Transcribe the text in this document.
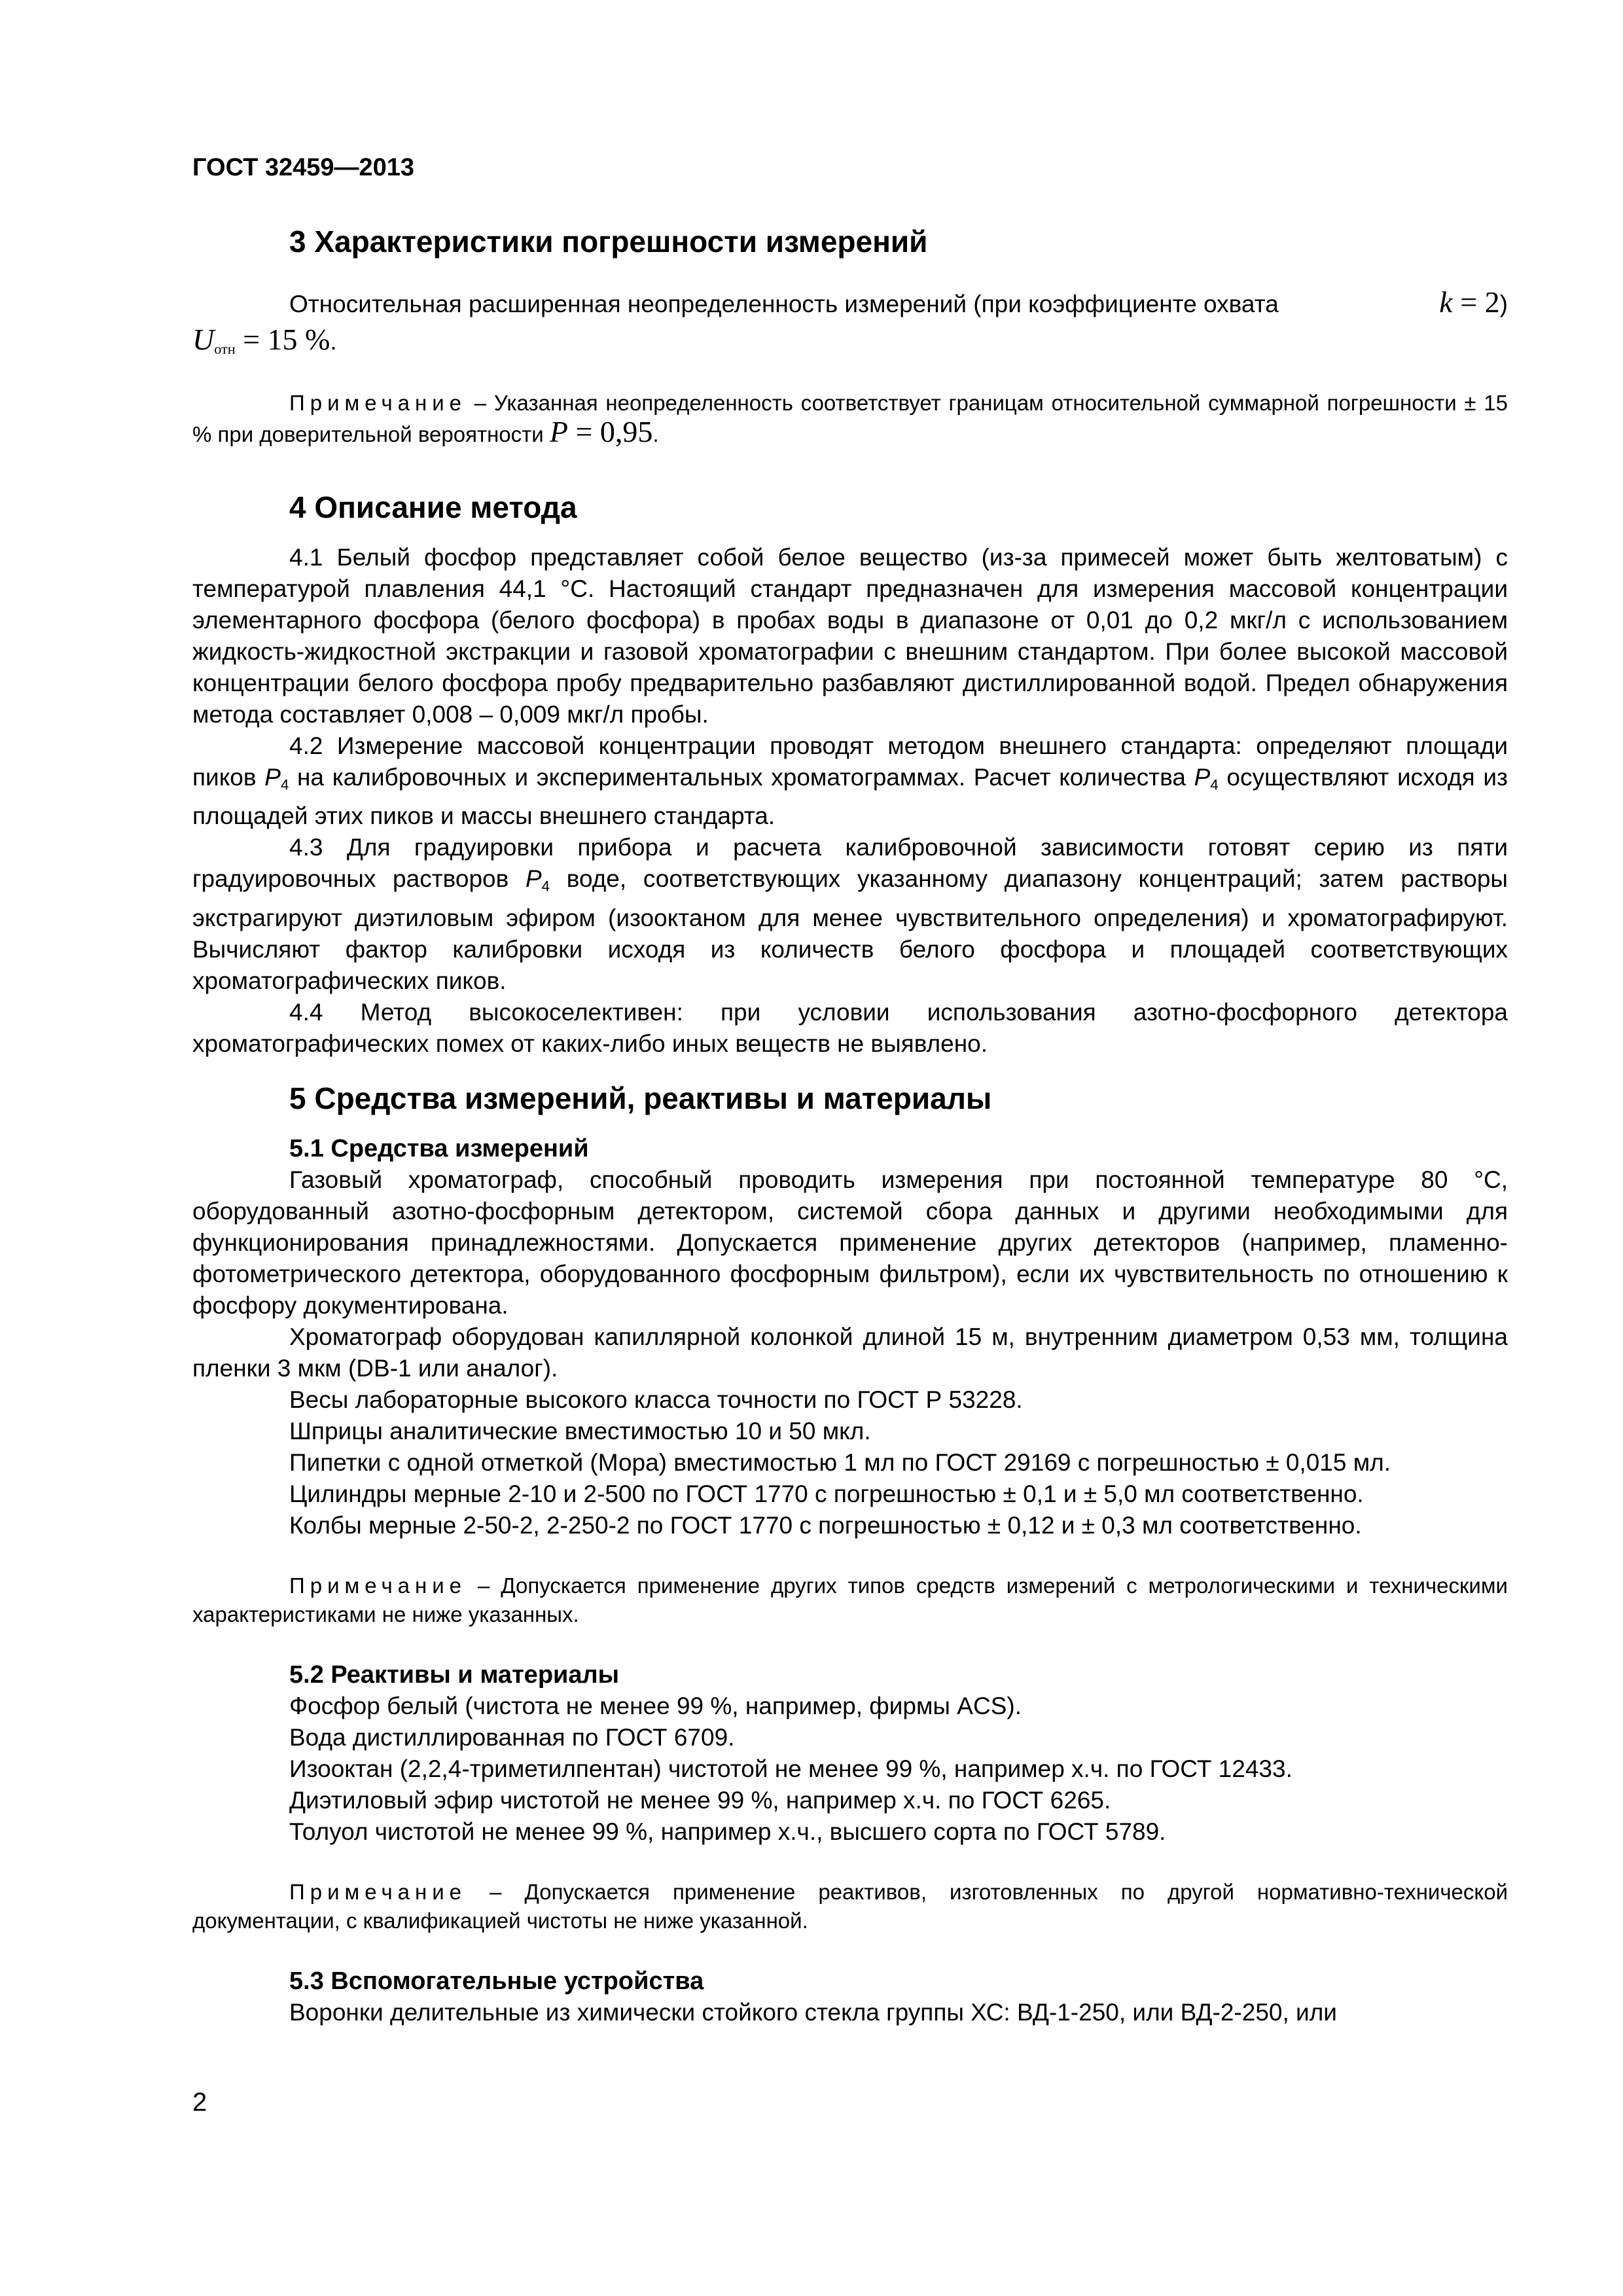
ГОСТ 32459—2013
3 Характеристики погрешности измерений
Относительная расширенная неопределенность измерений (при коэффициенте охвата	k = 2)
$U_{отн} = 15$ %.

Примечание – Указанная неопределенность соответствует границам относительной суммарной погрешности ± 15 % при доверительной вероятности P = 0,95.

4 Описание метода

4.1 Белый фосфор представляет собой белое вещество (из-за примесей может быть желтоватым) с температурой плавления 44,1 °С. Настоящий стандарт предназначен для измерения массовой концентрации элементарного фосфора (белого фосфора) в пробах воды в диапазоне от 0,01 до 0,2 мкг/л с использованием жидкость-жидкостной экстракции и газовой хроматографии с внешним стандартом. При более высокой массовой концентрации белого фосфора пробу предварительно разбавляют дистиллированной водой. Предел обнаружения метода составляет 0,008 – 0,009 мкг/л пробы.

4.2 Измерение массовой концентрации проводят методом внешнего стандарта: определяют площади пиков $P_4$ на калибровочных и экспериментальных хроматограммах. Расчет количества $P_4$ осуществляют исходя из площадей этих пиков и массы внешнего стандарта.

4.3 Для градуировки прибора и расчета калибровочной зависимости готовят серию из пяти градуировочных растворов $P_4$ воде, соответствующих указанному диапазону концентраций; затем растворы экстрагируют диэтиловым эфиром (изооктаном для менее чувствительного определения) и хроматографируют. Вычисляют фактор калибровки исходя из количеств белого фосфора и площадей соответствующих хроматографических пиков.

4.4 Метод высокоселективен: при условии использования азотно-фосфорного детектора хроматографических помех от каких-либо иных веществ не выявлено.

5 Средства измерений, реактивы и материалы
5.1 Средства измерений

Газовый хроматограф, способный проводить измерения при постоянной температуре 80 °С, оборудованный азотно-фосфорным детектором, системой сбора данных и другими необходимыми для функционирования принадлежностями. Допускается применение других детекторов (например, пламенно-фотометрического детектора, оборудованного фосфорным фильтром), если их чувствительность по отношению к фосфору документирована.

Хроматограф оборудован капиллярной колонкой длиной 15 м, внутренним диаметром 0,53 мм, толщина пленки 3 мкм (DB-1 или аналог).

Весы лабораторные высокого класса точности по ГОСТ Р 53228.

Шприцы аналитические вместимостью 10 и 50 мкл.

Пипетки с одной отметкой (Мора) вместимостью 1 мл по ГОСТ 29169 с погрешностью ± 0,015 мл.

Цилиндры мерные 2-10 и 2-500 по ГОСТ 1770 с погрешностью ± 0,1 и ± 5,0 мл соответственно.

Колбы мерные 2-50-2, 2-250-2 по ГОСТ 1770 с погрешностью ± 0,12 и ± 0,3 мл соответственно.

Примечание – Допускается применение других типов средств измерений с метрологическими и техническими характеристиками не ниже указанных.

5.2 Реактивы и материалы

Фосфор белый (чистота не менее 99 %, например, фирмы ACS).

Вода дистиллированная по ГОСТ 6709.

Изооктан (2,2,4-триметилпентан) чистотой не менее 99 %, например х.ч. по ГОСТ 12433.

Диэтиловый эфир чистотой не менее 99 %, например х.ч. по ГОСТ 6265.

Толуол чистотой не менее 99 %, например х.ч., высшего сорта по ГОСТ 5789.

Примечание – Допускается применение реактивов, изготовленных по другой нормативно-технической документации, с квалификацией чистоты не ниже указанной.

5.3 Вспомогательные устройства

Воронки делительные из химически стойкого стекла группы ХС: ВД-1-250, или ВД-2-250, или

2
